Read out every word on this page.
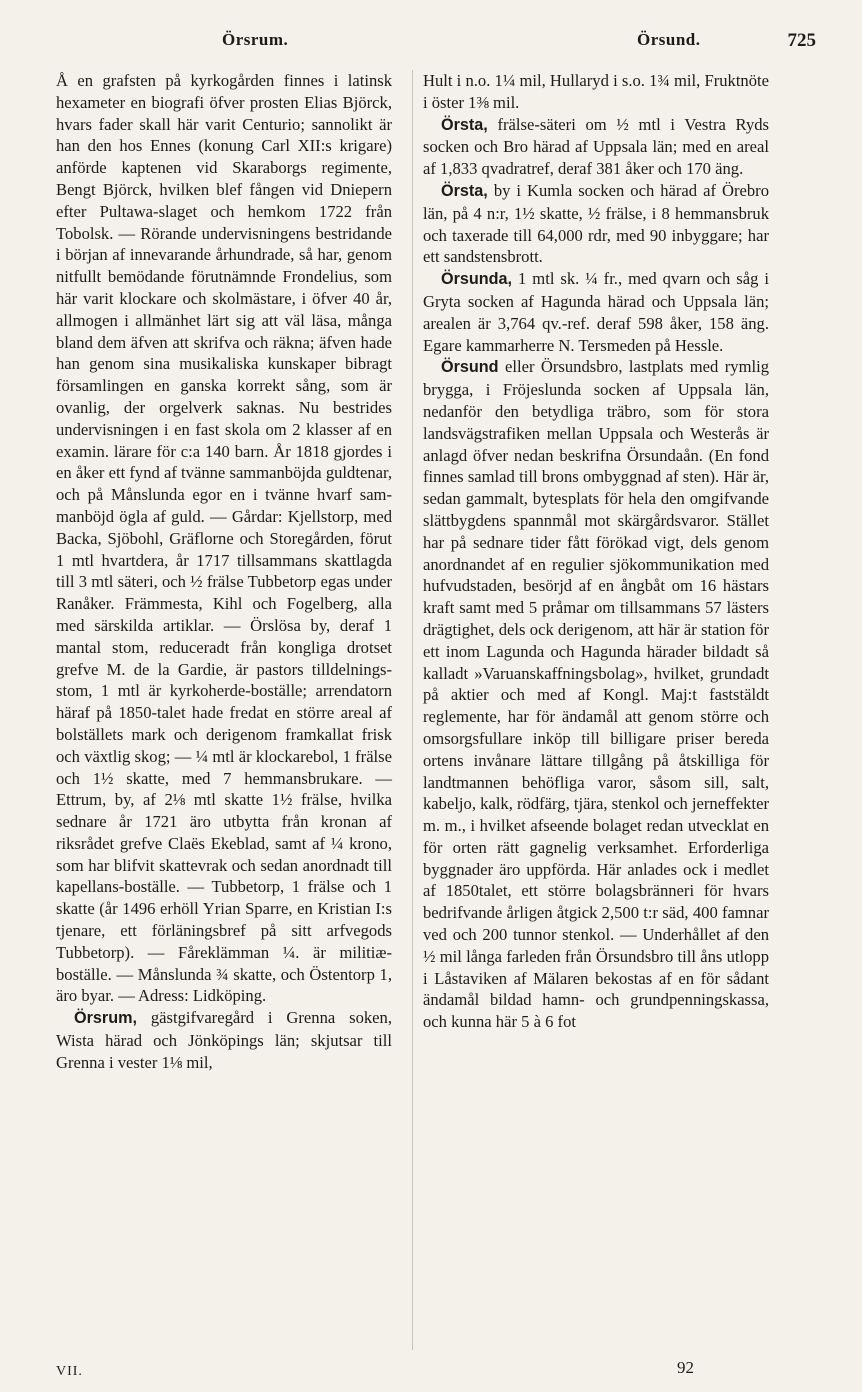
Örsrum.	Örsund.	725

Å en grafsten på kyrkogården finnes i latinsk hexameter en biografi öfver prosten Elias Björck, hvars fader skall här varit Centurio; sannolikt är han den hos Ennes (konung Carl XII:s krigare) anförde kaptenen vid Skaraborgs regimente, Bengt Björck, hvilken blef fången vid Dniepern efter Pultawa-slaget och hemkom 1722 från Tobolsk. — Rörande undervisningens bestridande i början af innevarande århundrade, så har, genom nitfullt bemödande förutnämnde Frondelius, som här varit klockare och skolmästare, i öfver 40 år, allmogen i allmänhet lärt sig att väl läsa, många bland dem äfven att skrifva och räkna; äfven hade han genom sina musikaliska kunskaper bibragt församlingen en ganska korrekt sång, som är ovanlig, der orgelverk saknas. Nu bestrides undervisningen i en fast skola om 2 klasser af en examin. lärare för c:a 140 barn. År 1818 gjordes i en åker ett fynd af tvänne sammanböjda guldtenar, och på Månslunda egor en i tvänne hvarf sammanböjd ögla af guld. — Gårdar: Kjellstorp, med Backa, Sjöbohl, Gräflorne och Storegården, förut 1 mtl hvartdera, år 1717 tillsammans skattlagda till 3 mtl säteri, och ½ frälse Tubbetorp egas under Ranåker. Främmesta, Kihl och Fogelberg, alla med särskilda artiklar. — Örslösa by, deraf 1 mantal stom, reduceradt från kongliga drotset grefve M. de la Gardie, är pastors tilldelningsstom, 1 mtl är kyrkoherde-boställe; arrendatorn häraf på 1850-talet hade fredat en större areal af bolställets mark och derigenom framkallat frisk och växtlig skog; — ¼ mtl är klockarebol, 1 frälse och 1½ skatte, med 7 hemmansbrukare. — Ettrum, by, af 2⅛ mtl skatte 1½ frälse, hvilka sednare år 1721 äro utbytta från kronan af riksrådet grefve Claës Ekeblad, samt af ¼ krono, som har blifvit skattevrak och sedan anordnadt till kapellans-boställe. — Tubbetorp, 1 frälse och 1 skatte (år 1496 erhöll Yrian Sparre, en Kristian I:s tjenare, ett förläningsbref på sitt arfvegods Tubbetorp). — Fåreklämman ¼. är militiæ-boställe. — Månslunda ¾ skatte, och Östentorp 1, äro byar. — Adress: Lidköping.

Örsrum, gästgifvaregård i Grenna soken, Wista härad och Jönköpings län; skjutsar till Grenna i vester 1⅛ mil,

Hult i n.o. 1¼ mil, Hullaryd i s.o. 1¾ mil, Fruktnöte i öster 1⅜ mil.

Örsta, frälse-säteri om ½ mtl i Vestra Ryds socken och Bro härad af Uppsala län; med en areal af 1,833 qvadratref, deraf 381 åker och 170 äng.

Örsta, by i Kumla socken och härad af Örebro län, på 4 n:r, 1½ skatte, ½ frälse, i 8 hemmansbruk och taxerade till 64,000 rdr, med 90 inbyggare; har ett sandstensbrott.

Örsunda, 1 mtl sk. ¼ fr., med qvarn och såg i Gryta socken af Hagunda härad och Uppsala län; arealen är 3,764 qv.-ref. deraf 598 åker, 158 äng. Egare kammarherre N. Tersmeden på Hessle.

Örsund eller Örsundsbro, lastplats med rymlig brygga, i Fröjeslunda socken af Uppsala län, nedanför den betydliga träbro, som för stora landsvägstrafiken mellan Uppsala och Westerås är anlagd öfver nedan beskrifna Örsundaån. (En fond finnes samlad till brons ombyggnad af sten). Här är, sedan gammalt, bytesplats för hela den omgifvande slättbygdens spannmål mot skärgårdsvaror. Stället har på sednare tider fått förökad vigt, dels genom anordnandet af en regulier sjökommunikation med hufvudstaden, besörjd af en ångbåt om 16 hästars kraft samt med 5 pråmar om tillsammans 57 lästers drägtighet, dels ock derigenom, att här är station för ett inom Lagunda och Hagunda härader bildadt så kalladt »Varuanskaffningsbolag», hvilket, grundadt på aktier och med af Kongl. Maj:t faststäldt reglemente, har för ändamål att genom större och omsorgsfullare inköp till billigare priser bereda ortens invånare lättare tillgång på åtskilliga för landtmannen behöfliga varor, såsom sill, salt, kabeljo, kalk, rödfärg, tjära, stenkol och jerneffekter m. m., i hvilket afseende bolaget redan utvecklat en för orten rätt gagnelig verksamhet. Erforderliga byggnader äro uppförda. Här anlades ock i medlet af 1850talet, ett större bolagsbränneri för hvars bedrifvande årligen åtgick 2,500 t:r säd, 400 famnar ved och 200 tunnor stenkol. — Underhållet af den ½ mil långa farleden från Örsundsbro till åns utlopp i Låstaviken af Mälaren bekostas af en för sådant ändamål bildad hamn- och grundpenningskassa, och kunna här 5 à 6 fot

VII.	92
